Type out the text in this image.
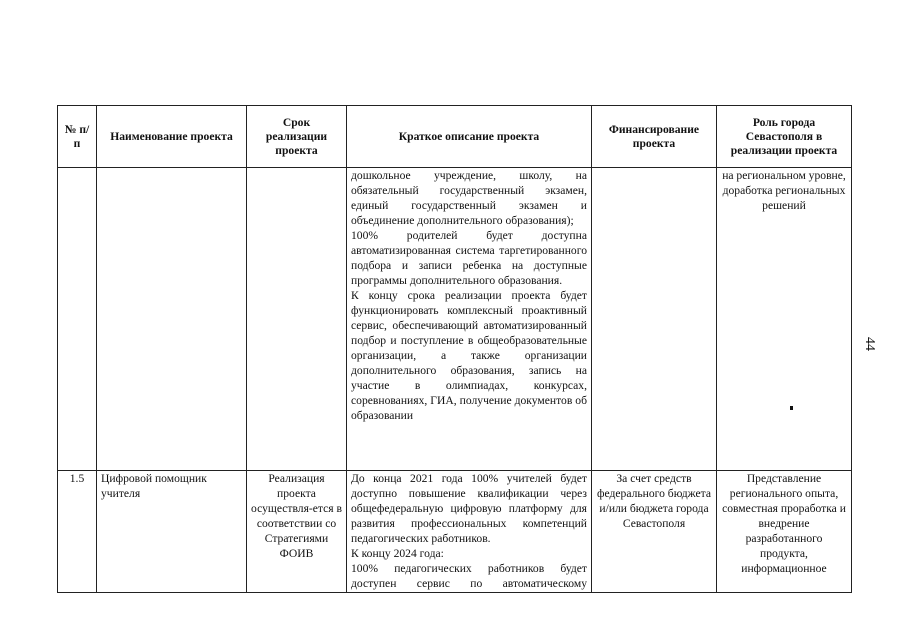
№ п/п	Наименование проекта	Срок реализации проекта	Краткое описание проекта	Финансирование проекта	Роль города Севастополя в реализации проекта

			дошкольное учреждение, школу, на обязательный государственный экзамен, единый государственный экзамен и объединение дополнительного образования);
100% родителей будет доступна автоматизированная система таргетированного подбора и записи ребенка на доступные программы дополнительного образования.
К концу срока реализации проекта будет функционировать комплексный проактивный сервис, обеспечивающий автоматизированный подбор и поступление в общеобразовательные организации, а также организации дополнительного образования, запись на участие в олимпиадах, конкурсах, соревнованиях, ГИА, получение документов об образовании		на региональном уровне, доработка региональных решений
1.5	Цифровой помощник учителя	Реализация проекта осуществля-ется в соответствии со Стратегиями ФОИВ	До конца 2021 года 100% учителей будет доступно повышение квалификации через общефедеральную цифровую платформу для развития профессиональных компетенций педагогических работников.
К концу 2024 года:
100% педагогических работников будет доступен сервис по автоматическому	За счет средств федерального бюджета и/или бюджета города Севастополя	Представление регионального опыта, совместная проработка и внедрение разработанного продукта, информационное
44
